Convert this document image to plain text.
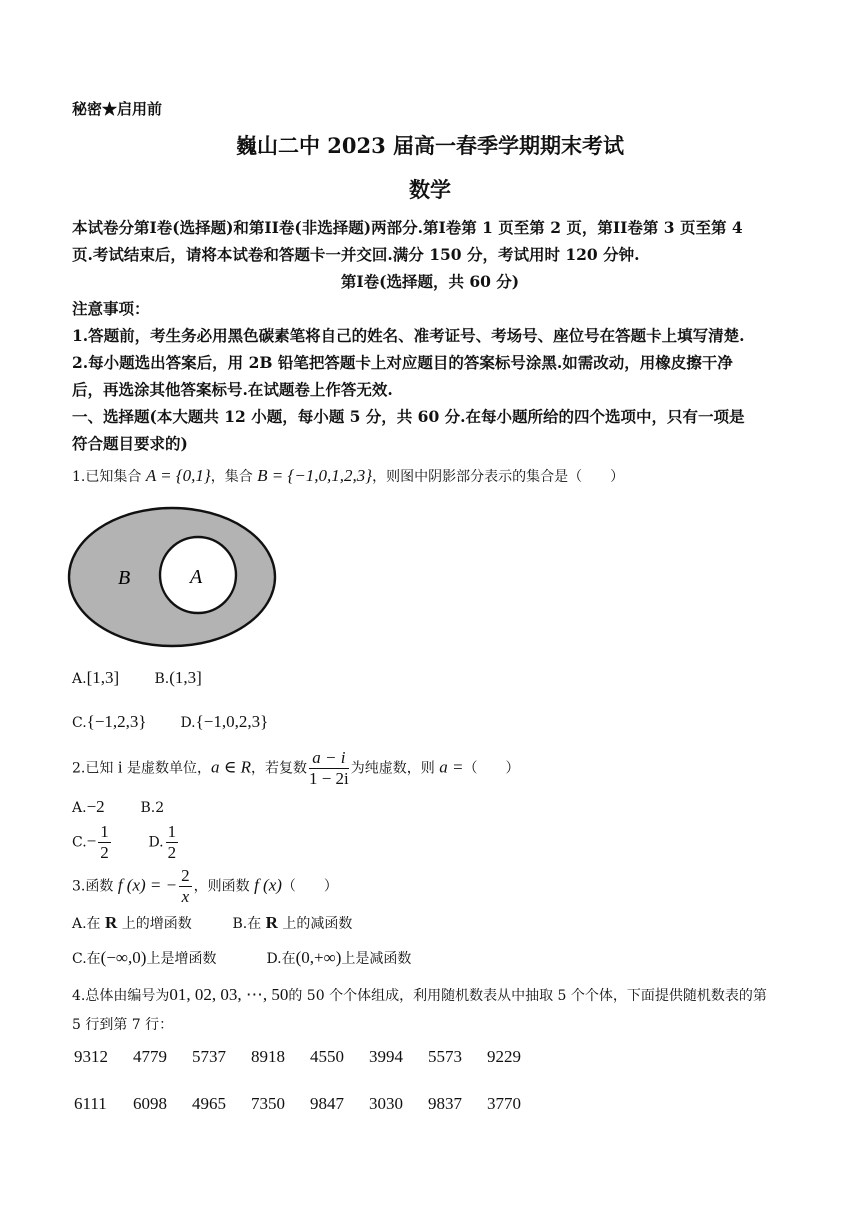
秘密★启用前
巍山二中 2023 届高一春季学期期末考试
数学
本试卷分第I卷(选择题)和第II卷(非选择题)两部分.第I卷第 1 页至第 2 页，第II卷第 3 页至第 4
页.考试结束后，请将本试卷和答题卡一并交回.满分 150 分，考试用时 120 分钟.
第I卷(选择题，共 60 分)
注意事项：
1.答题前，考生务必用黑色碳素笔将自己的姓名、准考证号、考场号、座位号在答题卡上填写清楚.
2.每小题选出答案后，用 2B 铅笔把答题卡上对应题目的答案标号涂黑.如需改动，用橡皮擦干净
后，再选涂其他答案标号.在试题卷上作答无效.
一、选择题(本大题共 12 小题，每小题 5 分，共 60 分.在每小题所给的四个选项中，只有一项是
符合题目要求的)
1.已知集合 A = {0,1}，集合 B = {−1,0,1,2,3}，则图中阴影部分表示的集合是（　　）
B	A
A.[1,3]	B.(1,3]
C.{−1,2,3} D.{−1,0,2,3}
2.已知 i 是虚数单位，a ∈ R，若复数 $\frac{a - i}{1 - 2i}$ 为纯虚数，则 a =（　　）
A.−2	B.2
$C.- \frac{1}{2}$	D. $\frac{1}{2}$
3.函数 f (x) = − $\frac{2}{x}$ ，则函数 f (x)（　　）
A.在 R 上的增函数	B.在 R 上的减函数
C.在(−∞,0)上是增函数	D.在(0,+∞)上是减函数
4.总体由编号为01, 02, 03, ⋯, 50的 50 个个体组成，利用随机数表从中抽取 5 个个体，下面提供随机数表的第
5 行到第 7 行：
9312 4779 5737 8918 4550 3994 5573 9229
6111 6098 4965 7350 9847 3030 9837 3770
